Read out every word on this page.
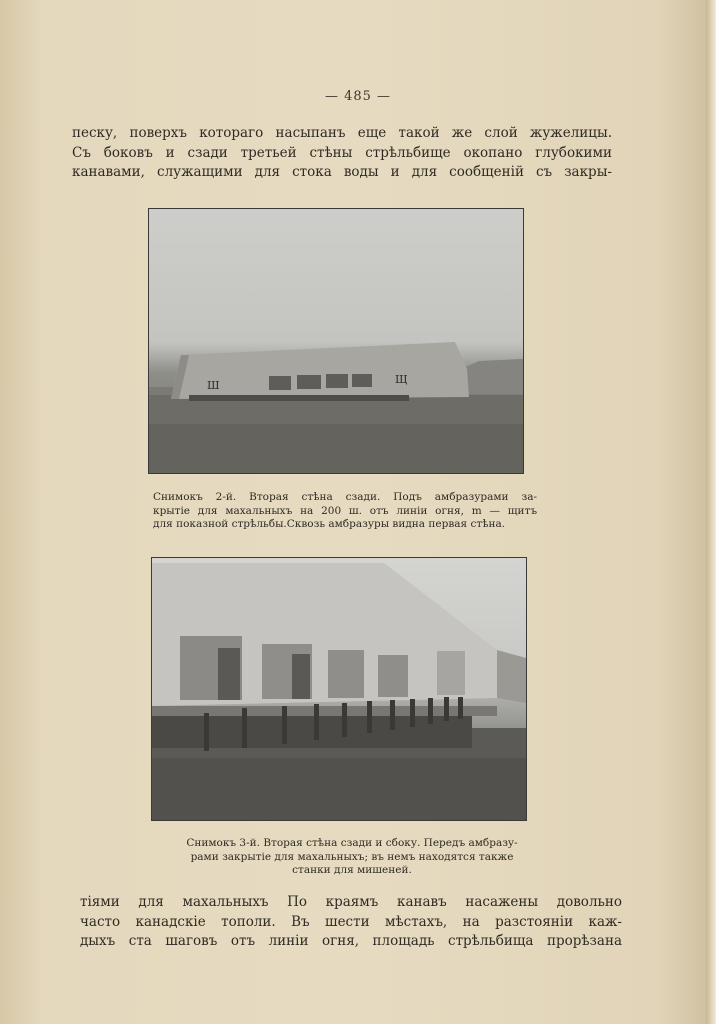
— 485 —

песку, поверхъ котораго насыпанъ еще такой же слой жужелицы.
Съ боковъ и сзади третьей стѣны стрѣльбище окопано глубокими
канавами, служащими для стока воды и для сообщеній съ закры-

Ш	Щ

Снимокъ 2-й. Вторая стѣна сзади. Подъ амбразурами за-
крытіе для махальныхъ на 200 ш. отъ линіи огня, m — щитъ
для показной стрѣльбы.Сквозь амбразуры видна первая стѣна.

Снимокъ 3-й. Вторая стѣна сзади и сбоку. Передъ амбразу-
рами закрытіе для махальныхъ; въ немъ находятся также
станки для мишеней.

тіями для махальныхъ По краямъ канавъ насажены довольно
часто канадскіе тополи. Въ шести мѣстахъ, на разстояніи каж-
дыхъ ста шаговъ отъ линіи огня, площадь стрѣльбища прорѣзана
